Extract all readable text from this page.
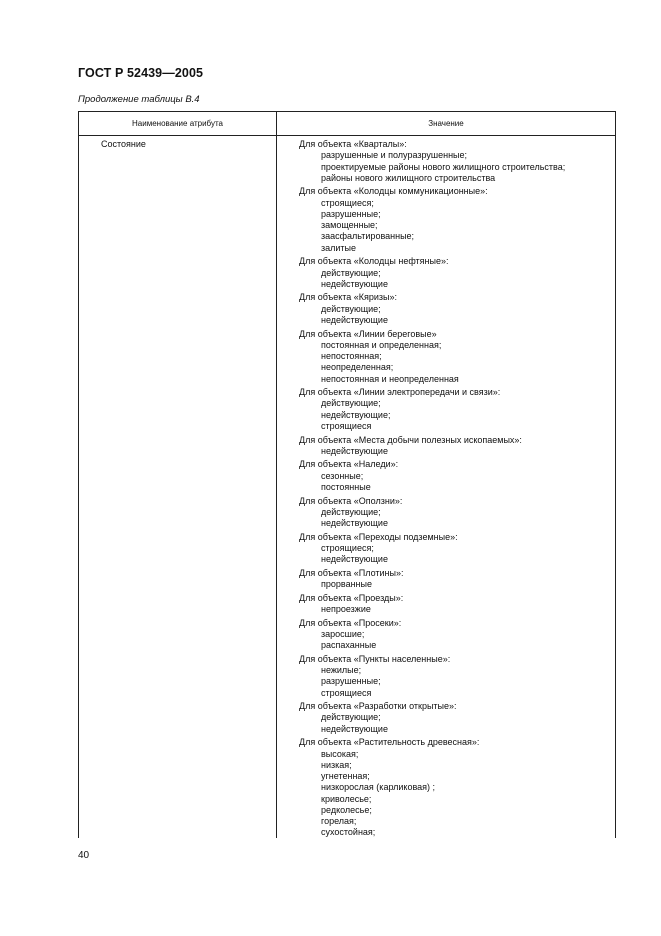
ГОСТ Р 52439—2005
Продолжение таблицы В.4
Наименование атрибута	Значение
Состояние	Для объекта «Кварталы»:
разрушенные и полуразрушенные;
проектируемые районы нового жилищного строительства;
районы нового жилищного строительства
Для объекта «Колодцы коммуникационные»:
строящиеся;
разрушенные;
замощенные;
заасфальтированные;
залитые
Для объекта «Колодцы нефтяные»:
действующие;
недействующие
Для объекта «Кяризы»:
действующие;
недействующие
Для объекта «Линии береговые»
постоянная и определенная;
непостоянная;
неопределенная;
непостоянная и неопределенная
Для объекта «Линии электропередачи и связи»:
действующие;
недействующие;
строящиеся
Для объекта «Места добычи полезных ископаемых»:
недействующие
Для объекта «Наледи»:
сезонные;
постоянные
Для объекта «Оползни»:
действующие;
недействующие
Для объекта «Переходы подземные»:
строящиеся;
недействующие
Для объекта «Плотины»:
прорванные
Для объекта «Проезды»:
непроезжие
Для объекта «Просеки»:
заросшие;
распаханные
Для объекта «Пункты населенные»:
нежилые;
разрушенные;
строящиеся
Для объекта «Разработки открытые»:
действующие;
недействующие
Для объекта «Растительность древесная»:
высокая;
низкая;
угнетенная;
низкорослая (карликовая) ;
криволесье;
редколесье;
горелая;
сухостойная;
40
